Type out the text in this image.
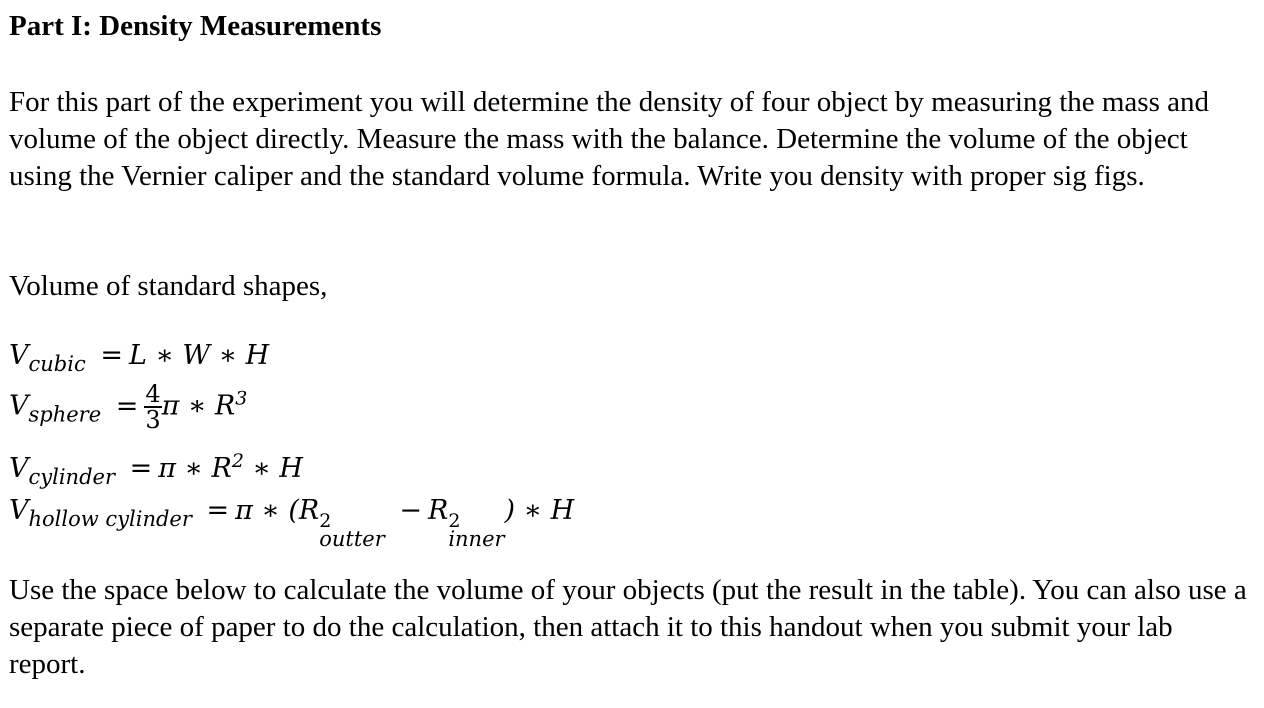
Part I: Density Measurements

For this part of the experiment you will determine the density of four object by measuring the mass and volume of the object directly. Measure the mass with the balance. Determine the volume of the object using the Vernier caliper and the standard volume formula. Write you density with proper sig figs.

Volume of standard shapes,

$V_{cubic} = L$ ∗ W ∗ H
$V_{sphere} = \frac{4}{3}$ π ∗ $R^3$
$V_{cylinder} = \pi$ ∗ $R^2$ ∗ H
$V_{hollow cylinder} = \pi$ ∗ (R 2
outter
− R 2
inner
) ∗ H

Use the space below to calculate the volume of your objects (put the result in the table). You can also use a separate piece of paper to do the calculation, then attach it to this handout when you submit your lab report.
